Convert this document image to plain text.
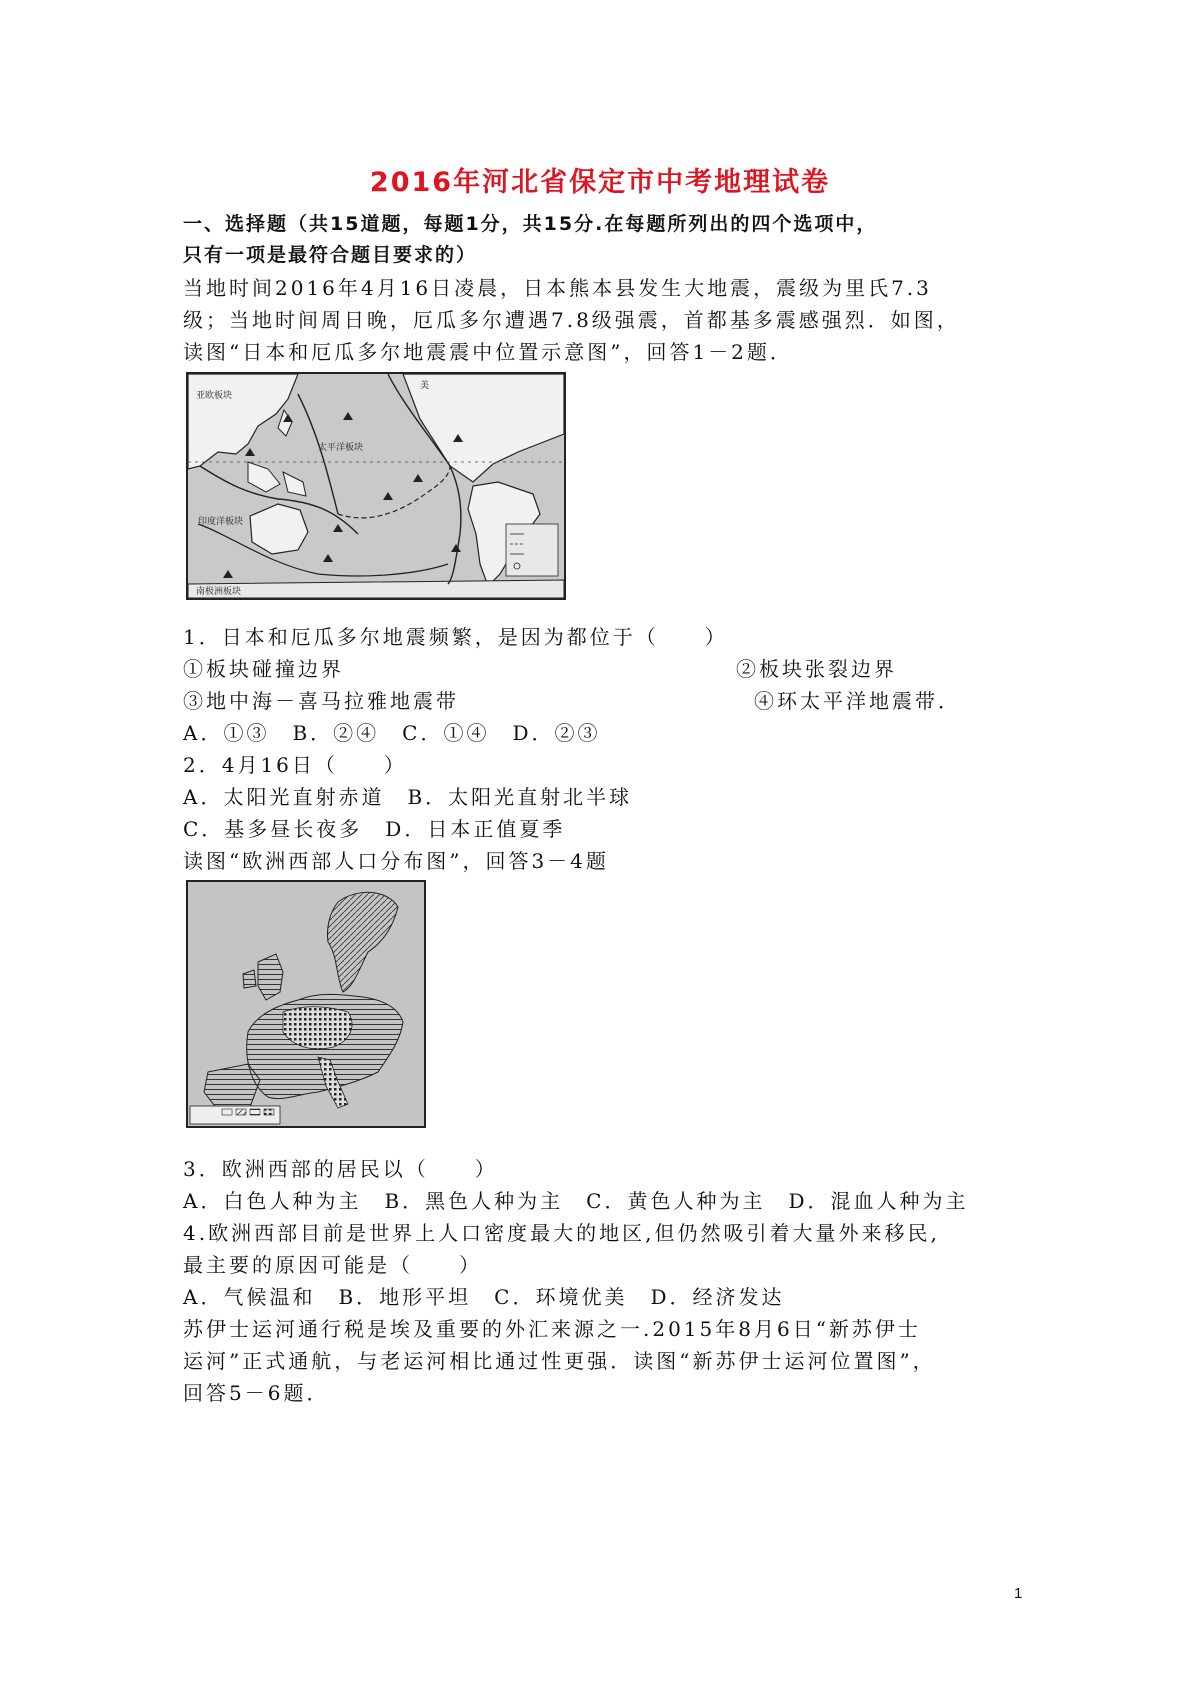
2016年河北省保定市中考地理试卷
一、选择题（共15道题，每题1分，共15分.在每题所列出的四个选项中，
只有一项是最符合题目要求的）
当地时间2016年4月16日凌晨，日本熊本县发生大地震，震级为里氏7.3
级；当地时间周日晚，厄瓜多尔遭遇7.8级强震，首都基多震感强烈．如图，
读图“日本和厄瓜多尔地震震中位置示意图”，回答1－2题．
亚欧板块
太平洋板块
美
印度洋板块
南极洲板块
1．日本和厄瓜多尔地震频繁，是因为都位于（　　）
①板块碰撞边界	②板块张裂边界
③地中海－喜马拉雅地震带	④环太平洋地震带．
A．①③　B．②④　C．①④　D．②③
2．4月16日（　　）
A．太阳光直射赤道　B．太阳光直射北半球
C．基多昼长夜多　D．日本正值夏季
读图“欧洲西部人口分布图”，回答3－4题
3．欧洲西部的居民以（　　）
A．白色人种为主　B．黑色人种为主　C．黄色人种为主　D．混血人种为主
4.欧洲西部目前是世界上人口密度最大的地区,但仍然吸引着大量外来移民,
最主要的原因可能是（　　）
A．气候温和　B．地形平坦　C．环境优美　D．经济发达
苏伊士运河通行税是埃及重要的外汇来源之一.2015年8月6日“新苏伊士
运河”正式通航，与老运河相比通过性更强．读图“新苏伊士运河位置图”，
回答5－6题．
1
